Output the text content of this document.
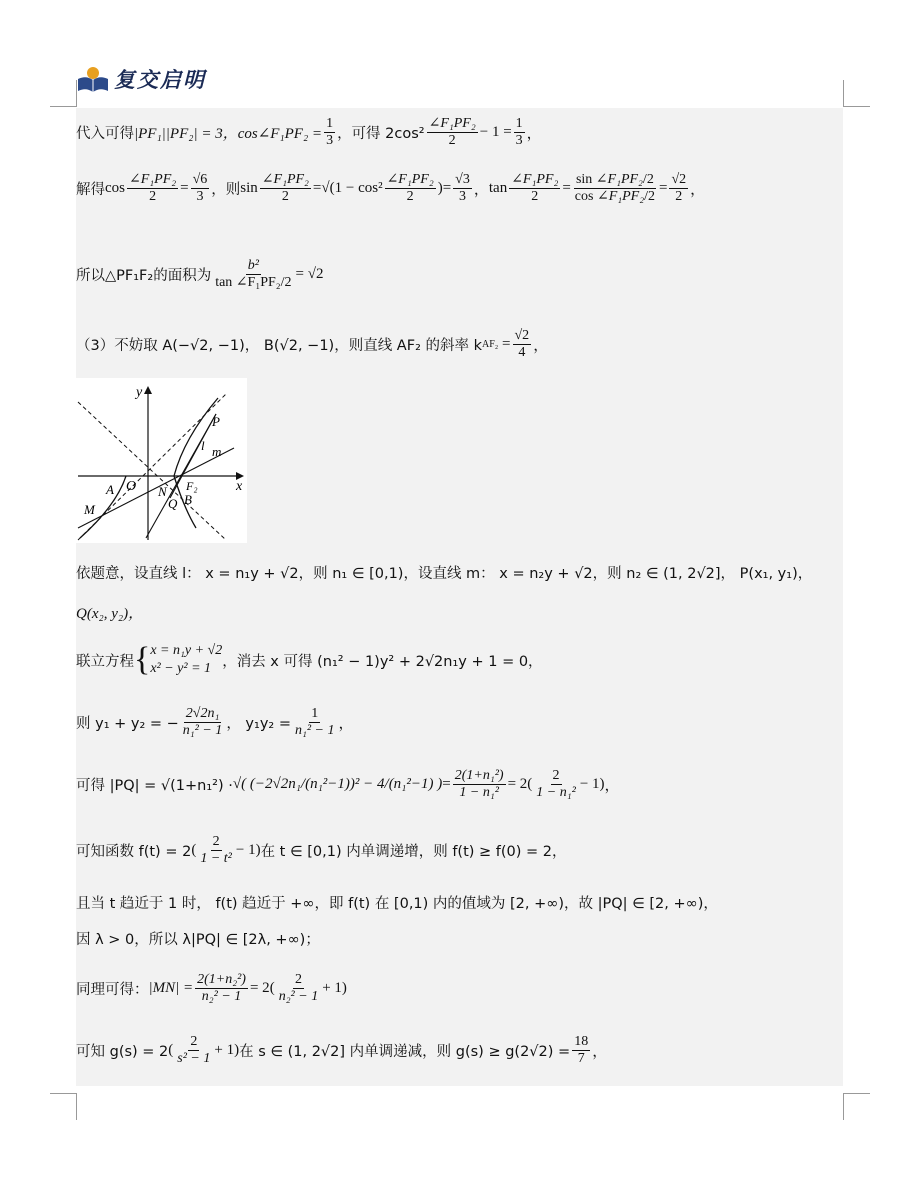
复交启明
代入可得 |PF₁||PF₂| = 3，cos∠F₁PF₂ = $\frac{1}{3}$ ，可得 $2\cos^2 \frac{\text{∠F₁PF₂}}{2} - 1 = \frac{1}{3}$ ，
解得 $\cos \frac{\text{∠F₁PF₂}}{2} = \frac{√6}{3}$ ，则 $\sin \frac{\text{∠F₁PF₂}}{2} = √(1 - \cos^2 \frac{\text{∠F₁PF₂}}{2}$ ) = $\frac{√3}{3}$ ， $\tan \frac{\text{∠F₁PF₂}}{2} = \frac{\text{sin ∠F₁PF₂/2}}{\text{cos ∠F₁PF₂/2}} = \frac{√2}{2}$ ，
所以△PF₁F₂的面积为 $\frac{\text{b²}}{\text{tan ∠F₁PF₂/2}} = √2$
（3）不妨取 A(−√2, −1)， B(√2, −1)，则直线 AF₂ 的斜率 k AF₂
= $\frac{√2}{4}$ ，
y
x
O
P
l m
F₂
A
M
N
Q B
依题意，设直线 l： x = n₁y + √2，则 n₁ ∈ [0,1)，设直线 m： x = n₂y + √2，则 n₂ ∈ (1, 2√2]， P(x₁, y₁)，
Q(x₂, y₂)，
联立方程 { x = n₁y + √2
x² − y² = 1 ，消去 x 可得 (n₁² − 1)y² + 2√2n₁y + 1 = 0，
则 y₁ + y₂ = − $\frac{\text{2√2n₁}}{\text{n₁² − 1}}$ ， $y_1y_2 = \frac{1}{\text{n₁² − 1}}$ ，
可得 |PQ| = √(1+n₁²) · √( (−2√2n₁/(n₁²−1))² − 4/(n₁²−1) ) = $\frac{\text{2(1+n₁²)}}{\text{1 − n₁²}} = 2$ ( $\frac{2}{\text{1 − n₁²}} - 1$ ) ，
可知函数 f(t) = 2 ( $\frac{2}{\text{1 − t²}} - 1$ ) 在 t ∈ [0,1) 内单调递增，则 f(t) ≥ f(0) = 2，
且当 t 趋近于 1 时， f(t) 趋近于 +∞，即 f(t) 在 [0,1) 内的值域为 [2, +∞)，故 |PQ| ∈ [2, +∞)，
因 λ > 0，所以 λ|PQ| ∈ [2λ, +∞)；
同理可得： $|MN| = \frac{\text{2(1+n₂²)}}{\text{n₂² − 1}} = 2$ ( $\frac{2}{\text{n₂² − 1}} + 1$ )
可知 g(s) = 2 ( $\frac{2}{\text{s² − 1}} + 1$ ) 在 s ∈ (1, 2√2] 内单调递减，则 $g(s) \ge g(2√2) = \frac{18}{7}$ ，
